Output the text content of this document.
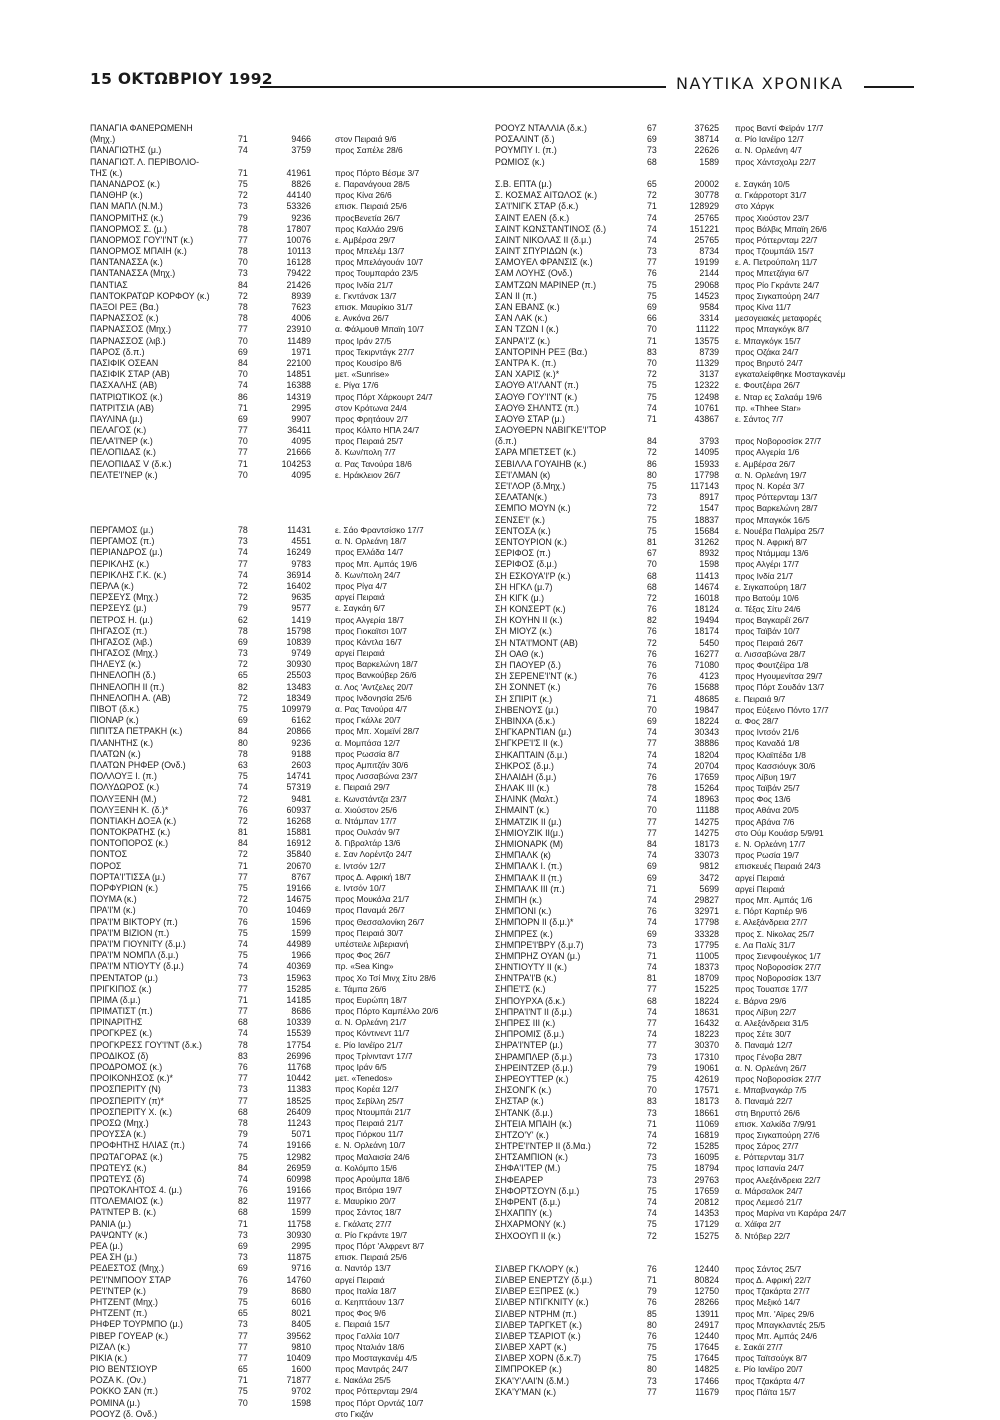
15 ΟΚΤΩΒΡΙΟΥ 1992	ΝΑΥΤΙΚΑ ΧΡΟΝΙΚΑ
ΠΑΝΑΓΙΑ ΦΑΝΕΡΩΜΕΝΗ
(Μηχ.)	71	9466	στον Πειραιά 9/6
ΠΑΝΑΓΙΩΤΗΣ (μ.)	74	3759	προς Σαπέλε 28/6
ΠΑΝΑΓΙΩΤ. Λ. ΠΕΡΙΒΟΛΙΟ-
ΤΗΣ (κ.)	71	41961	προς Πόρτο Βέσμε 3/7
ΠΑΝΑΝΔΡΟΣ (κ.)	75	8826	ε. Παρανάγουα 28/5
ΠΑΝΘΗΡ (κ.)	72	44140	προς Κίνα 26/6
ΠΑΝ ΜΑΠΛ (Ν.Μ.)	73	53326	επισκ. Πειραιά 25/6
ΠΑΝΟΡΜΙΤΗΣ (κ.)	79	9236	προςΒενετία 26/7
ΠΑΝΟΡΜΟΣ Σ. (μ.)	78	17807	προς Καλλάο 29/6
ΠΑΝΟΡΜΟΣ ΓΟΥ'Ι'ΝΤ (κ.)	77	10076	ε. Αμβέρσα 29/7
ΠΑΝΟΡΜΟΣ ΜΠΑΙΗ (κ.)	78	10113	προς Μπελέμ 13/7
ΠΑΝΤΑΝΑΣΣΑ (κ.)	70	16128	προς Μπελάγουάν 10/7
ΠΑΝΤΑΝΑΣΣΑ (Μηχ.)	73	79422	προς Τουμπαράο 23/5
ΠΑΝΤΙΑΣ	84	21426	προς Ινδία 21/7
ΠΑΝΤΟΚΡΑΤΩΡ ΚΟΡΦΟΥ (κ.)	72	8939	ε. Γκντάνσκ 13/7
ΠΑΞΟΙ ΡΕΞ (Βα.)	78	7623	επισκ. Μαυρίκιο 31/7
ΠΑΡΝΑΣΣΟΣ (κ.)	78	4006	ε. Ανκόνα 26/7
ΠΑΡΝΑΣΣΟΣ (Μηχ.)	77	23910	α. Φάλμουθ Μπαϊη 10/7
ΠΑΡΝΑΣΣΟΣ (λιβ.)	70	11489	προς Ιράν 27/5
ΠΑΡΟΣ (δ.π.)	69	1971	προς Τεκιρντάγκ 27/7
ΠΑΣΙΦΙΚ ΟΣΕΑΝ	84	22100	προς Κουσίρο 8/6
ΠΑΣΙΦΙΚ ΣΤΑΡ (ΑΒ)	70	14851	μετ. «Sunrise»
ΠΑΣΧΑΛΗΣ (ΑΒ)	74	16388	ε. Ρίγα 17/6
ΠΑΤΡΙΩΤΙΚΟΣ (κ.)	86	14319	προς Πόρτ Χάρκουρτ 24/7
ΠΑΤΡΙΤΣΙΑ (ΑΒ)	71	2995	στον Κρότωνα 24/4
ΠΑΥΛΙΝΑ (μ.)	69	9907	προς Φρητάουν 2/7
ΠΕΛΑΓΟΣ (κ.)	77	36411	προς Κόλπο ΗΠΑ 24/7
ΠΕΛΑ'Ι'ΝΕΡ (κ.)	70	4095	προς Πειραιά 25/7
ΠΕΛΟΠΙΔΑΣ (κ.)	77	21666	δ. Κων/πολη 7/7
ΠΕΛΟΠΙΔΑΣ V (δ.κ.)	71	104253	α. Ρας Τανούρα 18/6
ΠΕΛΤΕ'Ι'ΝΕΡ (κ.)	70	4095	ε. Ηράκλειον 26/7
ΠΕΡΓΑΜΟΣ (μ.)	78	11431	ε. Σάο Φραντσίσκο 17/7
ΠΕΡΓΑΜΟΣ (π.)	73	4551	α. Ν. Ορλεάνη 18/7
ΠΕΡΙΑΝΔΡΟΣ (μ.)	74	16249	προς Ελλάδα 14/7
ΠΕΡΙΚΛΗΣ (κ.)	77	9783	προς Μπ. Αμπάς 19/6
ΠΕΡΙΚΛΗΣ Γ.Κ. (κ.)	74	36914	δ. Κων/πολη 24/7
ΠΕΡΛΑ (κ.)	72	16402	προς Ρίγα 4/7
ΠΕΡΣΕΥΣ (Μηχ.)	72	9635	αργεί Πειραιά
ΠΕΡΣΕΥΣ (μ.)	79	9577	ε. Σαγκάη 6/7
ΠΕΤΡΟΣ Η. (μ.)	62	1419	προς Αλγερία 18/7
ΠΗΓΑΣΟΣ (π.)	78	15798	προς Γιοκαϊτσι 10/7
ΠΗΓΑΣΟΣ (λιβ.)	69	10839	προς Κάντλα 16/7
ΠΗΓΑΣΟΣ (Μηχ.)	73	9749	αργεί Πειραιά
ΠΗΛΕΥΣ (κ.)	72	30930	προς Βαρκελώνη 18/7
ΠΗΝΕΛΟΠΗ (δ.)	65	25503	προς Βανκούβερ 26/6
ΠΗΝΕΛΟΠΗ ΙΙ (π.)	82	13483	α. Λος 'Αντζελες 20/7
ΠΗΝΕΛΟΠΗ Α. (ΑΒ)	72	18349	προς Ινδονησία 25/6
ΠΙΒΟΤ (δ.κ.)	75	109979	α. Ρας Τανούρα 4/7
ΠΙΟΝΑΡ (κ.)	69	6162	προς Γκάλλε 20/7
ΠΙΠΙΤΣΑ ΠΕΤΡΑΚΗ (κ.)	84	20866	προς Μπ. Χομεϊνί 28/7
ΠΛΑΝΗΤΗΣ (κ.)	80	9236	α. Μομπάσα 12/7
ΠΛΑΤΩΝ (κ.)	78	9188	προς Ρωσσία 8/7
ΠΛΑΤΩΝ ΡΗΦΕΡ (Ονδ.)	63	2603	προς Αμπιτζάν 30/6
ΠΟΛΛΟΥΞ Ι. (π.)	75	14741	προς Λισσαβώνα 23/7
ΠΟΛΥΔΩΡΟΣ (κ.)	74	57319	ε. Πειραιά 29/7
ΠΟΛΥΞΕΝΗ (Μ.)	72	9481	ε. Κωνστάντζα 23/7
ΠΟΛΥΞΕΝΗ Κ. (δ.)*	76	60937	α. Χιούστον 25/6
ΠΟΝΤΙΑΚΗ ΔΟΞΑ (κ.)	72	16268	α. Ντάμπαν 17/7
ΠΟΝΤΟΚΡΑΤΗΣ (κ.)	81	15881	προς Ουλσάν 9/7
ΠΟΝΤΟΠΟΡΟΣ (κ.)	84	16912	δ. Γιβραλτάρ 13/6
ΠΟΝΤΟΣ	72	35840	ε. Σαν Λορέντζο 24/7
ΠΟΡΟΣ	71	20670	ε. Ιντσόν 12/7
ΠΟΡΤΑ'Ι'ΤΙΣΣΑ (μ.)	77	8767	προς Δ. Αφρική 18/7
ΠΟΡΦΥΡΙΩΝ (κ.)	75	19166	ε. Ιντσόν 10/7
ΠΟΥΜΑ (κ.)	72	14675	προς Μουκάλα 21/7
ΠΡΑ'Ι'Μ (κ.)	70	10469	προς Παναμά 26/7
ΠΡΑ'Ι'Μ ΒΙΚΤΟΡΥ (π.)	76	1596	προς Θεσσαλονίκη 26/7
ΠΡΑ'Ι'Μ ΒΙΖΙΟΝ (π.)	75	1599	προς Πειραιά 30/7
ΠΡΑ'Ι'Μ ΓΙΟΥΝΙΤΥ (δ.μ.)	74	44989	υπέστειλε λιβεριανή
ΠΡΑ'Ι'Μ ΝΟΜΠΛ (δ.μ.)	75	1966	προς Φος 26/7
ΠΡΑ'Ι'Μ ΝΤΙΟΥΤΥ (δ.μ.)	74	40369	πρ. «Sea King»
ΠΡΕΝΤΑΤΟΡ (μ.)	73	15963	προς Χο Τσί Μινχ Σίτυ 28/6
ΠΡΙΓΚΙΠΟΣ (κ.)	77	15285	ε. Τάμπα 26/6
ΠΡΙΜΑ (δ.μ.)	71	14185	προς Ευρώπη 18/7
ΠΡΙΜΑΤΙΣΤ (π.)	77	8686	προς Πόρτο Καμπέλλο 20/6
ΠΡΙΝΑΡΙΤΗΣ	68	10339	α. Ν. Ορλεάνη 21/7
ΠΡΟΓΚΡΕΣ (κ.)	74	15539	προς Κόντινεντ 11/7
ΠΡΟΓΚΡΕΣΣ ΓΟΥ'Ι'ΝΤ (δ.κ.)	78	17754	ε. Ρίο Ιανέϊρο 21/7
ΠΡΟΔΙΚΟΣ (δ)	83	26996	προς Τρίνινταντ 17/7
ΠΡΟΔΡΟΜΟΣ (κ.)	76	11768	προς Ιράν 6/5
ΠΡΟΙΚΟΝΗΣΟΣ (κ.)*	77	10442	μετ. «Tenedos»
ΠΡΟΣΠΕΡΙΤΥ (Ν)	73	11383	προς Κορέα 12/7
ΠΡΟΣΠΕΡΙΤΥ (π)*	77	18525	προς Σεβίλλη 25/7
ΠΡΟΣΠΕΡΙΤΥ Χ. (κ.)	68	26409	προς Ντουμπάι 21/7
ΠΡΟΣΩ (Μηχ.)	78	11243	προς Πειραιά 21/7
ΠΡΟΥΣΣΑ (κ.)	79	5071	προς Γιόρκου 11/7
ΠΡΟΦΗΤΗΣ ΗΛΙΑΣ (π.)	74	19166	ε. Ν. Ορλεάνη 10/7
ΠΡΩΤΑΓΟΡΑΣ (κ.)	75	12982	προς Μαλαισία 24/6
ΠΡΩΤΕΥΣ (κ.)	84	26959	α. Κολόμπο 15/6
ΠΡΩΤΕΥΣ (δ)	74	60998	προς Αρούμπα 18/6
ΠΡΩΤΟΚΛΗΤΟΣ 4. (μ.)	76	19166	προς Βιτόρια 19/7
ΠΤΟΛΕΜΑΙΟΣ (κ.)	82	11977	ε. Μαυρίκιο 20/7
ΡΑ'Ι'ΝΤΕΡ Β. (κ.)	68	1599	προς Σάντος 18/7
ΡΑΝΙΑ (μ.)	71	11758	ε. Γκάλατς 27/7
ΡΑΨΩΝΤΥ (κ.)	73	30930	α. Ρίο Γκράντε 19/7
ΡΕΑ (μ.)	69	2995	προς Πόρτ 'Αλφρεντ 8/7
ΡΕΑ ΣΗ (μ.)	73	11875	επισκ. Πειραιά 25/6
ΡΕΔΕΣΤΟΣ (Μηχ.)	69	9716	α. Ναντόρ 13/7
ΡΕ'Ι'ΝΜΠΟΟΥ ΣΤΑΡ	76	14760	αργεί Πειραιά
ΡΕ'Ι'ΝΤΕΡ (κ.)	79	8680	προς Ιταλία 18/7
ΡΗΤΖΕΝΤ (Μηχ.)	75	6016	α. Κεηπτάουν 13/7
ΡΗΤΖΕΝΤ (π.)	65	8021	προς Φος 9/6
ΡΗΦΕΡ ΤΟΥΡΜΠΟ (μ.)	73	8405	ε. Πειραιά 15/7
ΡΙΒΕΡ ΓΟΥΕΑΡ (κ.)	77	39562	προς Γαλλία 10/7
ΡΙΖΑΛ (κ.)	77	9810	προς Νταλιάν 18/6
ΡΙΚΙΑ (κ.)	77	10409	προ Μοσταγκανέμ 4/5
ΡΙΟ ΒΕΝΤΣΙΟΥΡ	65	1600	προς Μαντράς 24/7
ΡΟΖΑ Κ. (Ον.)	71	71877	ε. Νακάλα 25/5
ΡΟΚΚΟ ΣΑΝ (π.)	75	9702	προς Ρόττερνταμ 29/4
ΡΟΜΙΝΑ (μ.)	70	1598	προς Πόρτ Ορντάζ 10/7
ΡΟΟΥΖ (δ. Ονδ.)	στο Γκιζάν
ΡΟΟΥΖ ΝΤΑΛΛΙΑ (δ.κ.)	67	37625 προς Βαντί Φεϊράν 17/7
ΡΟΣΑΛΙΝΤ (δ.)	69	38714 α. Ρίο Ιανέϊρο 12/7
ΡΟΥΜΠΥ Ι. (π.)	73	22626 α. Ν. Ορλεάνη 4/7
ΡΩΜΙΟΣ (κ.)	68	1589 προς Χάντσχολμ 22/7
Σ.Β. ΕΠΤΑ (μ.)	65	20002 ε. Σαγκάη 10/5
Σ. ΚΟΣΜΑΣ ΑΙΤΩΛΟΣ (κ.)	72	30778 α. Γκάρροτορτ 31/7
ΣΑ'Ι'ΝΙΓΚ ΣΤΑΡ (δ.κ.)	71	128929 στο Χάργκ
ΣΑΙΝΤ ΕΛΕΝ (δ.κ.)	74	25765 προς Χιούστον 23/7
ΣΑΙΝΤ ΚΩΝΣΤΑΝΤΙΝΟΣ (δ.)	74	151221 προς Βάλβις Μπαϊη 26/6
ΣΑΙΝΤ ΝΙΚΟΛΑΣ ΙΙ (δ.μ.)	74	25765 προς Ρόττερνταμ 22/7
ΣΑΙΝΤ ΣΠΥΡΙΔΩΝ (κ.)	73	8734 προς Τζουμπάϊλ 15/7
ΣΑΜΟΥΕΛ ΦΡΑΝΣΙΣ (κ.)	77	19199 ε. Α. Πετρούπολη 11/7
ΣΑΜ ΛΟΥΗΣ (Ονδ.)	76	2144 προς Μπετζάγια 6/7
ΣΑΜΤΖΩΝ ΜΑΡΙΝΕΡ (π.)	75	29068 προς Ρίο Γκράντε 24/7
ΣΑΝ ΙΙ (π.)	75	14523 προς Σιγκαπούρη 24/7
ΣΑΝ ΕΒΑΝΣ (κ.)	69	9584 προς Κίνα 11/7
ΣΑΝ ΛΑΚ (κ.)	66	3314 μεσογειακές μεταφορές
ΣΑΝ ΤΖΩΝ Ι (κ.)	70	11122 προς Μπαγκόγκ 8/7
ΣΑΝΡΑ'Ι'Ζ (κ.)	71	13575 ε. Μπαγκόγκ 15/7
ΣΑΝΤΟΡΙΝΗ ΡΕΞ (Βα.)	83	8739 προς Οζάκα 24/7
ΣΑΝΤΡΑ Κ. (π.)	70	11329 προς Βηρυτό 24/7
ΣΑΝ ΧΑΡΙΣ (κ.)*	72	3137 εγκαταλείφθηκε Μοσταγκανέμ
ΣΑΟΥΘ Α'Ι'ΛΑΝΤ (π.)	75	12322 ε. Φουτζέιρα 26/7
ΣΑΟΥΘ ΓΟΥ'Ι'ΝΤ (κ.)	75	12498 ε. Νταρ ες Σαλαάμ 19/6
ΣΑΟΥΘ ΣΗΛΝΤΣ (π.)	74	10761 πρ. «Thhee Star»
ΣΑΟΥΘ ΣΤΑΡ (μ.)	71	43867 ε. Σάντος 7/7
ΣΑΟΥΘΕΡΝ ΝΑΒΙΓΚΕ'Ι'ΤΟΡ
(δ.π.)	84	3793 προς Νοβοροσίσκ 27/7
ΣΑΡΑ ΜΠΕΤΣΕΤ (κ.)	72	14095 προς Αλγερία 1/6
ΣΕΒΙΛΛΑ ΓΟΥΑΙΗΒ (κ.)	86	15933 ε. Αμβέρσα 26/7
ΣΕ'Ι'ΛΜΑΝ (κ)	80	17798 α. Ν. Ορλεάνη 19/7
ΣΕ'Ι'ΛΟΡ (δ.Μηχ.)	75	117143 προς Ν. Κορέα 3/7
ΣΕΛΑΤΑΝ(κ.)	73	8917 προς Ρόττερνταμ 13/7
ΣΕΜΠΟ ΜΟΥΝ (κ.)	72	1547 προς Βαρκελώνη 28/7
ΣΕΝΣΕ'Ι' (κ.)	75	18837 προς Μπαγκόκ 16/5
ΣΕΝΤΟΣΑ (κ.)	75	15684 ε. Νουέβα Παλμίρα 25/7
ΣΕΝΤΟΥΡΙΟΝ (κ.)	81	31262 προς Ν. Αφρική 8/7
ΣΕΡΙΦΟΣ (π.)	67	8932 προς Ντάμμαμ 13/6
ΣΕΡΙΦΟΣ (δ.μ.)	70	1598 προς Αλγέρι 17/7
ΣΗ ΕΣΚΟΥΑ'Ι'Ρ (κ.)	68	11413 προς Ινδία 21/7
ΣΗ ΗΓΚΛ (μ.7)	68	14674 ε. Σιγκαπούρη 18/7
ΣΗ ΚΙΓΚ (μ.)	72	16018 προ Βατούμ 10/6
ΣΗ ΚΟΝΣΕΡΤ (κ.)	76	18124 α. Τέξας Σίτυ 24/6
ΣΗ ΚΟΥΗΝ ΙΙ (κ.)	82	19494 προς Βαγκαρέϊ 26/7
ΣΗ ΜΙΟΥΖ (κ.)	76	18174 προς Ταϊβάν 10/7
ΣΗ ΝΤΑ'Ι'ΜΟΝΤ (ΑΒ)	72	5450 προς Πειραιά 26/7
ΣΗ ΟΑΘ (κ.)	76	16277 α. Λισσαβώνα 28/7
ΣΗ ΠΑΟΥΕΡ (δ.)	76	71080 προς Φουτζέϊρα 1/8
ΣΗ ΣΕΡΕΝΕ'Ι'ΝΤ (κ.)	76	4123 προς Ηγουμενίτσα 29/7
ΣΗ ΣΟΝΝΕΤ (κ.)	76	15688 προς Πόρτ Σουδάν 13/7
ΣΗ ΣΠΙΡΙΤ (κ.)	71	48685 ε. Πειραιά 9/7
ΣΗΒΕΝΟΥΣ (μ.)	70	19847 προς Εύξεινο Πόντο 17/7
ΣΗΒΙΝΧΑ (δ.κ.)	69	18224 α. Φος 28/7
ΣΗΓΚΑΡΝΤΙΑΝ (μ.)	74	30343 προς Ιντσόν 21/6
ΣΗΓΚΡΕ'Ι'Σ ΙΙ (κ.)	77	38886 προς Καναδά 1/8
ΣΗΚΑΠΤΑΙΝ (δ.μ.)	74	18204 προς Κλαϊπέδα 1/8
ΣΗΚΡΟΣ (δ.μ.)	74	20704 προς Κασσιόυγκ 30/6
ΣΗΛΑΙΔΗ (δ.μ.)	76	17659 προς Λίβυη 19/7
ΣΗΛΑΚ ΙΙΙ (κ.)	78	15264 προς Ταϊβάν 25/7
ΣΗΛΙΝΚ (Μαλτ.)	74	18963 προς Φος 13/6
ΣΗΜΑΙΝΤ (κ.)	70	11188 προς Αθάνα 20/5
ΣΗΜΑΤΖΙΚ ΙΙ (μ.)	77	14275 προς Αβάνα 7/6
ΣΗΜΙΟΥΖΙΚ ΙΙ(μ.)	77	14275 στο Ούμ Κουάσρ 5/9/91
ΣΗΜΙΟΝΑΡΚ (Μ)	84	18173 ε. Ν. Ορλεάνη 17/7
ΣΗΜΠΑΛΚ (κ)	74	33073 προς Ρωσία 19/7
ΣΗΜΠΑΛΚ Ι. (π.)	69	9812 επισκευές Πειραιά 24/3
ΣΗΜΠΑΛΚ ΙΙ (π.)	69	3472 αργεί Πειραιά
ΣΗΜΠΑΛΚ ΙΙΙ (π.)	71	5699 αργεί Πειραιά
ΣΗΜΠΗ (κ.)	74	29827 προς Μπ. Αμπάς 1/6
ΣΗΜΠΟΝΙ (κ.)	76	32971 ε. Πόρτ Καρτιέρ 9/6
ΣΗΜΠΟΡΝ ΙΙ (δ.μ.)*	74	17798 ε. Αλεξάνδρεια 27/7
ΣΗΜΠΡΕΣ (κ.)	69	33328 προς Σ. Νίκολας 25/7
ΣΗΜΠΡΕ'Ι'ΒΡΥ (δ.μ.7)	73	17795 ε. Λα Παλίς 31/7
ΣΗΜΠΡΗΖ ΟΥΑΝ (μ.)	71	11005 προς Σιενφουέγκος 1/7
ΣΗΝΤΙΟΥΤΥ ΙΙ (κ.)	74	18373 προς Νοβοροσίσκ 27/7
ΣΗΝΤΡΑ'Ι'Β (κ.)	81	18709 προς Νοβοροσίσκ 13/7
ΣΗΠΕ'Ι'Σ (κ.)	77	15225 προς Τουαπσε 17/7
ΣΗΠΟΥΡΧΑ (δ.κ.)	68	18224 ε. Βάρνα 29/6
ΣΗΠΡΑ'Ι'ΝΤ ΙΙ (δ.μ.)	74	18631 προς Λίβυη 22/7
ΣΗΠΡΕΣ ΙΙΙ (κ.)	77	16432 α. Αλεξάνδρεια 31/5
ΣΗΠΡΟΜΙΣ (δ.μ.)	74	18223 προς Σέτε 30/7
ΣΗΡΑ'Ι'ΝΤΕΡ (μ.)	77	30370 δ. Παναμά 12/7
ΣΗΡΑΜΠΛΕΡ (δ.μ.)	73	17310 προς Γένοβα 28/7
ΣΗΡΕΙΝΤΖΕΡ (δ.μ.)	79	19061 α. Ν. Ορλεάνη 26/7
ΣΗΡΕΟΥΤΤΕΡ (κ.)	75	42619 προς Νοβοροσίσκ 27/7
ΣΗΣΟΝΓΚ (κ.)	70	17571 ε. Μπαβναγκάρ 7/5
ΣΗΣΤΑΡ (κ.)	83	18173 δ. Παναμά 22/7
ΣΗΤΑΝΚ (δ.μ.)	73	18661 στη Βηρυττό 26/6
ΣΗΤΕΙΑ ΜΠΑΙΗ (κ.)	71	11069 επισκ. Χαλκίδα 7/9/91
ΣΗΤΖΟ'Υ' (κ.)	74	16819 προς Σιγκαπούρη 27/6
ΣΗΤΡΕ'Ι'ΝΤΕΡ ΙΙ (δ.Μα.)	72	15285 προς Σάρος 27/7
ΣΗΤΣΑΜΠΙΟΝ (κ.)	73	16095 ε. Ρόττερνταμ 31/7
ΣΗΦΑ'Ι'ΤΕΡ (Μ.)	75	18794 προς Ισπανία 24/7
ΣΗΦΕΑΡΕΡ	73	29763 προς Αλεξάνδρεια 22/7
ΣΗΦΟΡΤΣΟΥΝ (δ.μ.)	75	17659 α. Μάρσαλοκ 24/7
ΣΗΦΡΕΝΤ (δ.μ.)	74	20812 προς Λεμεσό 21/7
ΣΗΧΑΠΠΥ (κ.)	74	14353 προς Μαρίνα ντι Καράρα 24/7
ΣΗΧΑΡΜΟΝΥ (κ.)	75	17129 α. Χάϊφα 2/7
ΣΗΧΟΟΥΠ ΙΙ (κ.)	72	15275 δ. Ντόβερ 22/7
ΣΙΛΒΕΡ ΓΚΛΟΡΥ (κ.)	76	12440 προς Σάντος 25/7
ΣΙΛΒΕΡ ΕΝΕΡΤΖΥ (δ.μ.)	71	80824 προς Δ. Αφρική 22/7
ΣΙΛΒΕΡ ΕΞΠΡΕΣ (κ.)	79	12750 προς Τζακάρτα 27/7
ΣΙΛΒΕΡ ΝΤΙΓΚΝΙΤΥ (κ.)	76	28266 προς Μεξικό 14/7
ΣΙΛΒΕΡ ΝΤΡΗΜ (π.)	85	13911 προς Μπ. 'Αϊρες 29/6
ΣΙΛΒΕΡ ΤΑΡΓΚΕΤ (κ.)	80	24917 προς Μπαγκλαντές 25/5
ΣΙΛΒΕΡ ΤΣΑΡΙΟΤ (κ.)	76	12440 προς Μπ. Αμπάς 24/6
ΣΙΛΒΕΡ ΧΑΡΤ (κ.)	75	17645 ε. Σακάϊ 27/7
ΣΙΛΒΕΡ ΧΟΡΝ (δ.κ.7)	75	17645 προς Ταϊτσούγκ 8/7
ΣΙΜΠΡΟΚΕΡ (κ.)	80	14825 ε. Ρίο Ιανέϊρο 20/7
ΣΚΑ'Υ'ΛΑΙ'Ν (δ.Μ.)	73	17466 προς Τζακάρτα 4/7
ΣΚΑ'Υ'ΜΑΝ (κ.)	77	11679 προς Πάϊτα 15/7
